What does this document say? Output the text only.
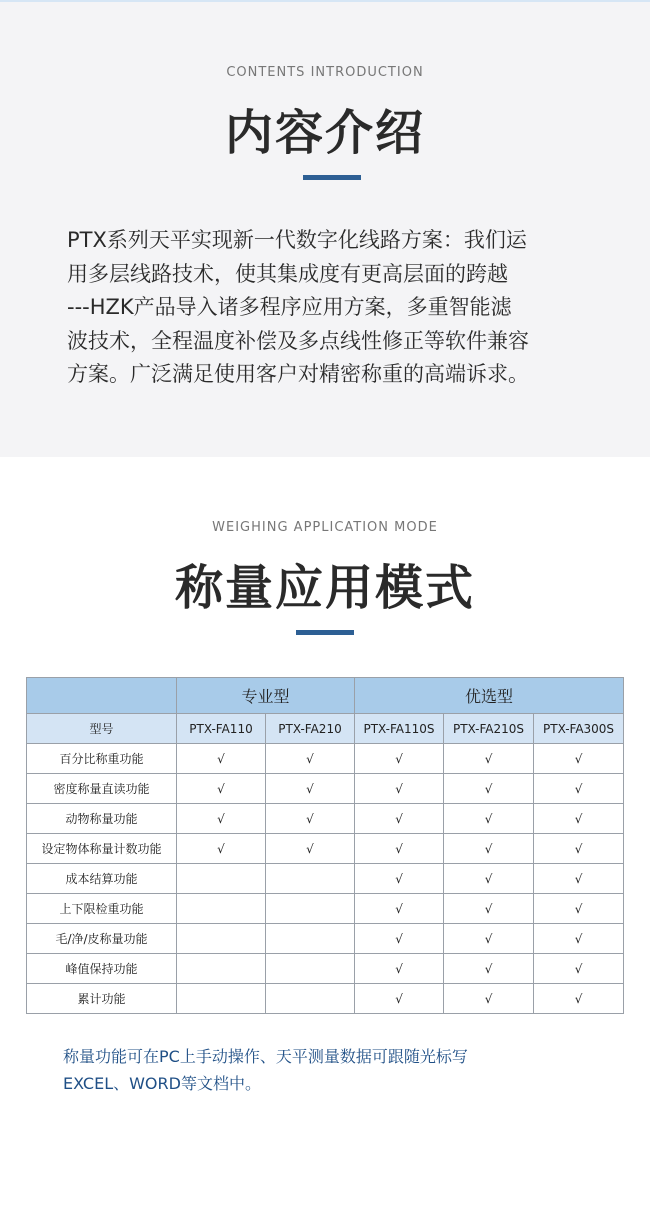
CONTENTS INTRODUCTION
内容介绍
PTX系列天平实现新一代数字化线路方案：我们运
用多层线路技术，使其集成度有更高层面的跨越
---HZK产品导入诸多程序应用方案，多重智能滤
波技术，全程温度补偿及多点线性修正等软件兼容
方案。广泛满足使用客户对精密称重的高端诉求。
WEIGHING APPLICATION MODE
称量应用模式
	专业型		优选型		
型号	PTX-FA110	PTX-FA210	PTX-FA110S	PTX-FA210S	PTX-FA300S
百分比称重功能	√	√	√	√	√
密度称量直读功能	√	√	√	√	√
动物称量功能	√	√	√	√	√
设定物体称量计数功能	√	√	√	√	√
成本结算功能			√	√	√
上下限检重功能			√	√	√
毛/净/皮称量功能			√	√	√
峰值保持功能			√	√	√
累计功能			√	√	√
称量功能可在PC上手动操作、天平测量数据可跟随光标写
EXCEL、WORD等文档中。
